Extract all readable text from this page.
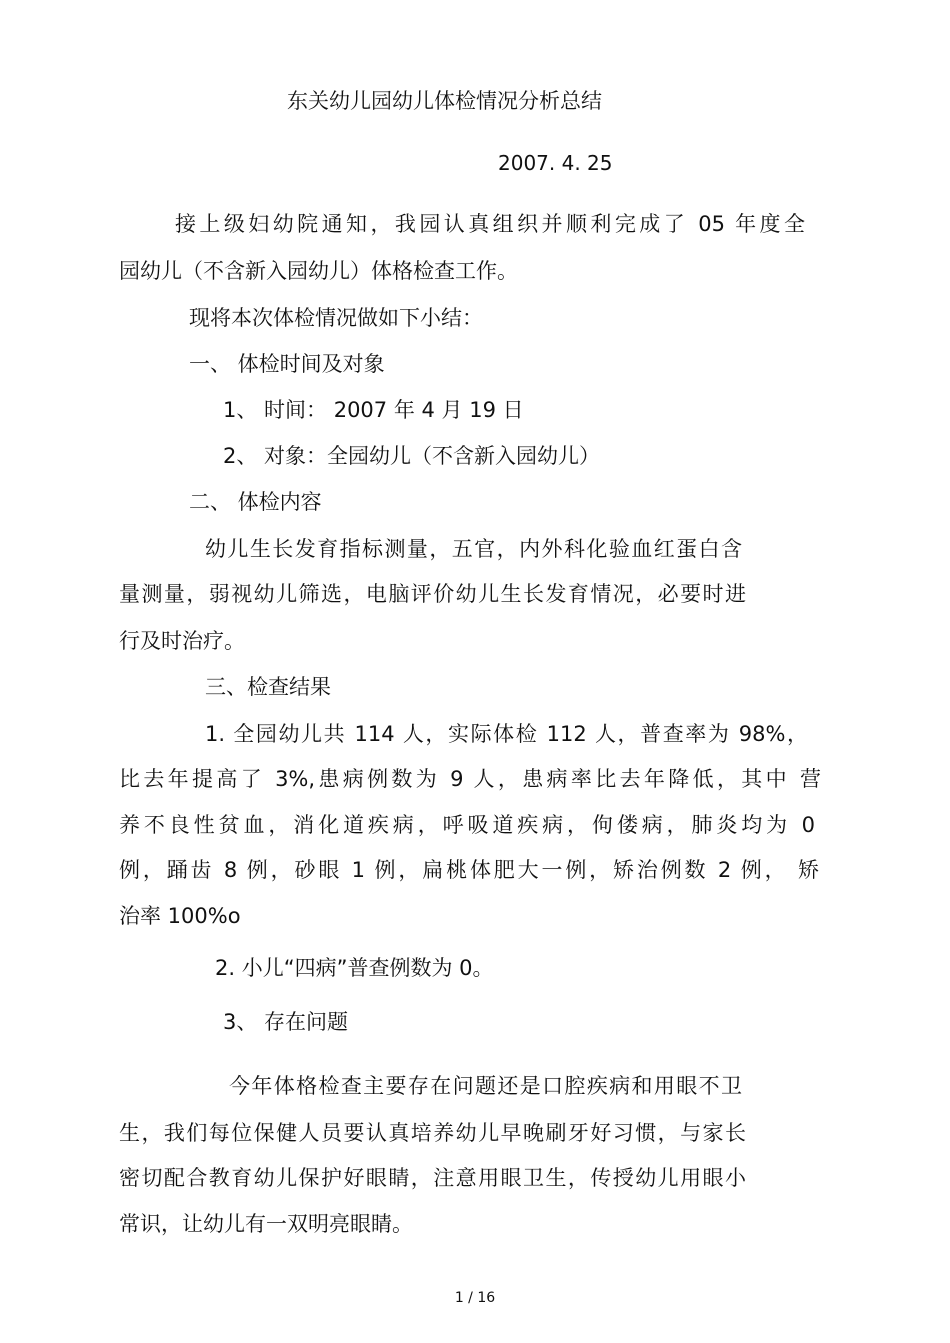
东关幼儿园幼儿体检情况分析总结
2007. 4. 25
接上级妇幼院通知，我园认真组织并顺利完成了 05 年度全
园幼儿（不含新入园幼儿）体格检查工作。
现将本次体检情况做如下小结：
一、 体检时间及对象
1、 时间： 2007 年 4 月 19 日
2、 对象：全园幼儿（不含新入园幼儿）
二、 体检内容
幼儿生长发育指标测量，五官，内外科化验血红蛋白含
量测量，弱视幼儿筛选，电脑评价幼儿生长发育情况，必要时进
行及时治疗。
三、检查结果
1. 全园幼儿共 114 人，实际体检 112 人，普查率为 98%，
比去年提高了 3%,患病例数为 9 人，患病率比去年降低，其中 营
养不良性贫血，消化道疾病，呼吸道疾病，佝偻病，肺炎均为 0
例，踊齿 8 例，砂眼 1 例，扁桃体肥大一例，矫治例数 2 例， 矫
治率 100%o
2. 小儿“四病”普查例数为 0。
3、 存在问题
今年体格检查主要存在问题还是口腔疾病和用眼不卫
生，我们每位保健人员要认真培养幼儿早晚刷牙好习惯，与家长
密切配合教育幼儿保护好眼睛，注意用眼卫生，传授幼儿用眼小
常识，让幼儿有一双明亮眼睛。
1 / 16
